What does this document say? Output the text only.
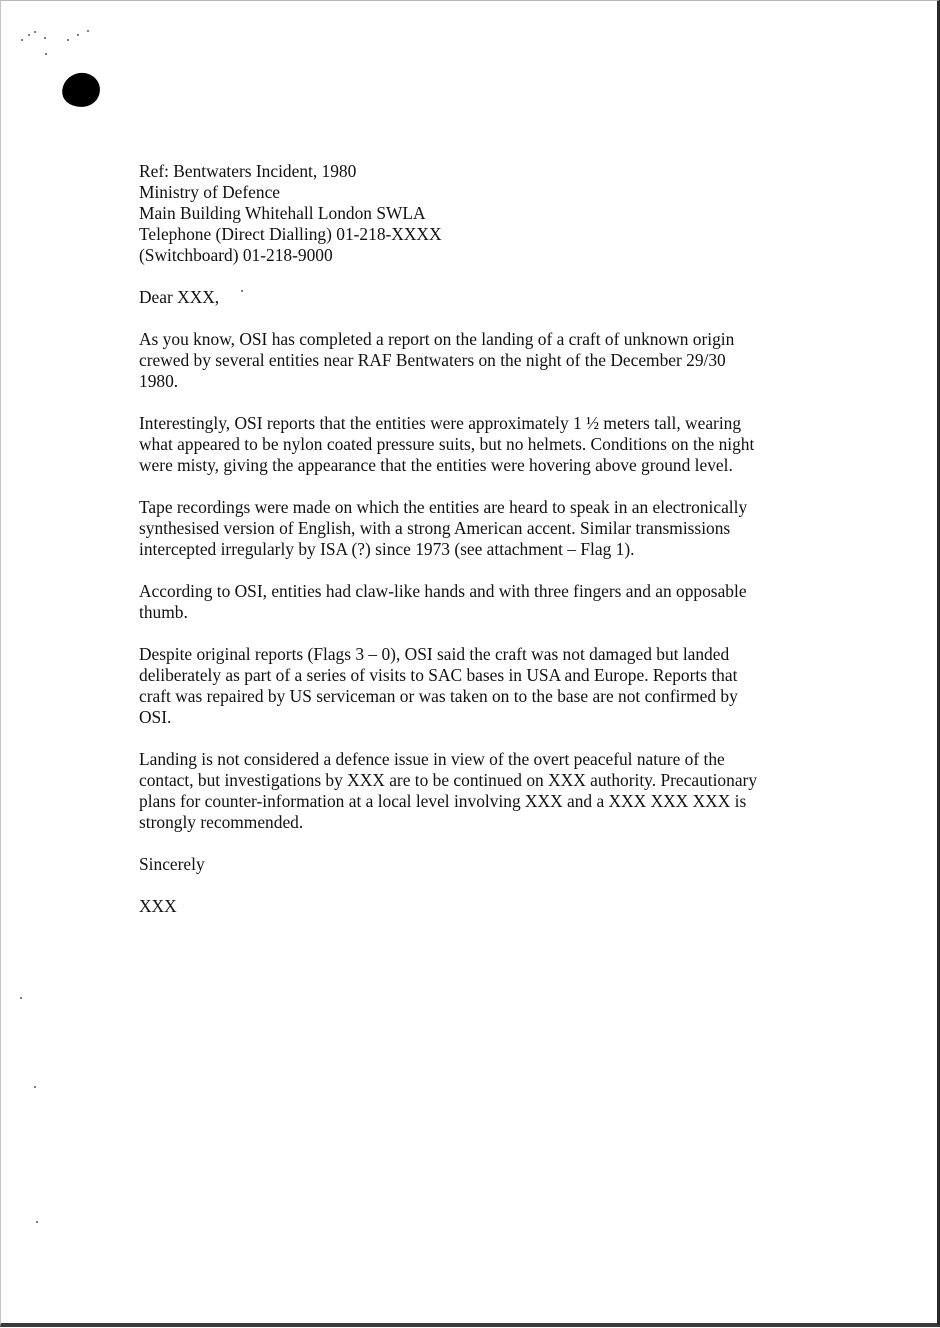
Ref: Bentwaters Incident, 1980
Ministry of Defence
Main Building Whitehall London SWLA
Telephone (Direct Dialling) 01-218-XXXX
(Switchboard) 01-218-9000

Dear XXX,

As you know, OSI has completed a report on the landing of a craft of unknown origin
crewed by several entities near RAF Bentwaters on the night of the December 29/30
1980.

Interestingly, OSI reports that the entities were approximately 1 ½ meters tall, wearing
what appeared to be nylon coated pressure suits, but no helmets. Conditions on the night
were misty, giving the appearance that the entities were hovering above ground level.

Tape recordings were made on which the entities are heard to speak in an electronically
synthesised version of English, with a strong American accent. Similar transmissions
intercepted irregularly by ISA (?) since 1973 (see attachment – Flag 1).

According to OSI, entities had claw-like hands and with three fingers and an opposable
thumb.

Despite original reports (Flags 3 – 0), OSI said the craft was not damaged but landed
deliberately as part of a series of visits to SAC bases in USA and Europe. Reports that
craft was repaired by US serviceman or was taken on to the base are not confirmed by
OSI.

Landing is not considered a defence issue in view of the overt peaceful nature of the
contact, but investigations by XXX are to be continued on XXX authority. Precautionary
plans for counter-information at a local level involving XXX and a XXX XXX XXX is
strongly recommended.

Sincerely

XXX
